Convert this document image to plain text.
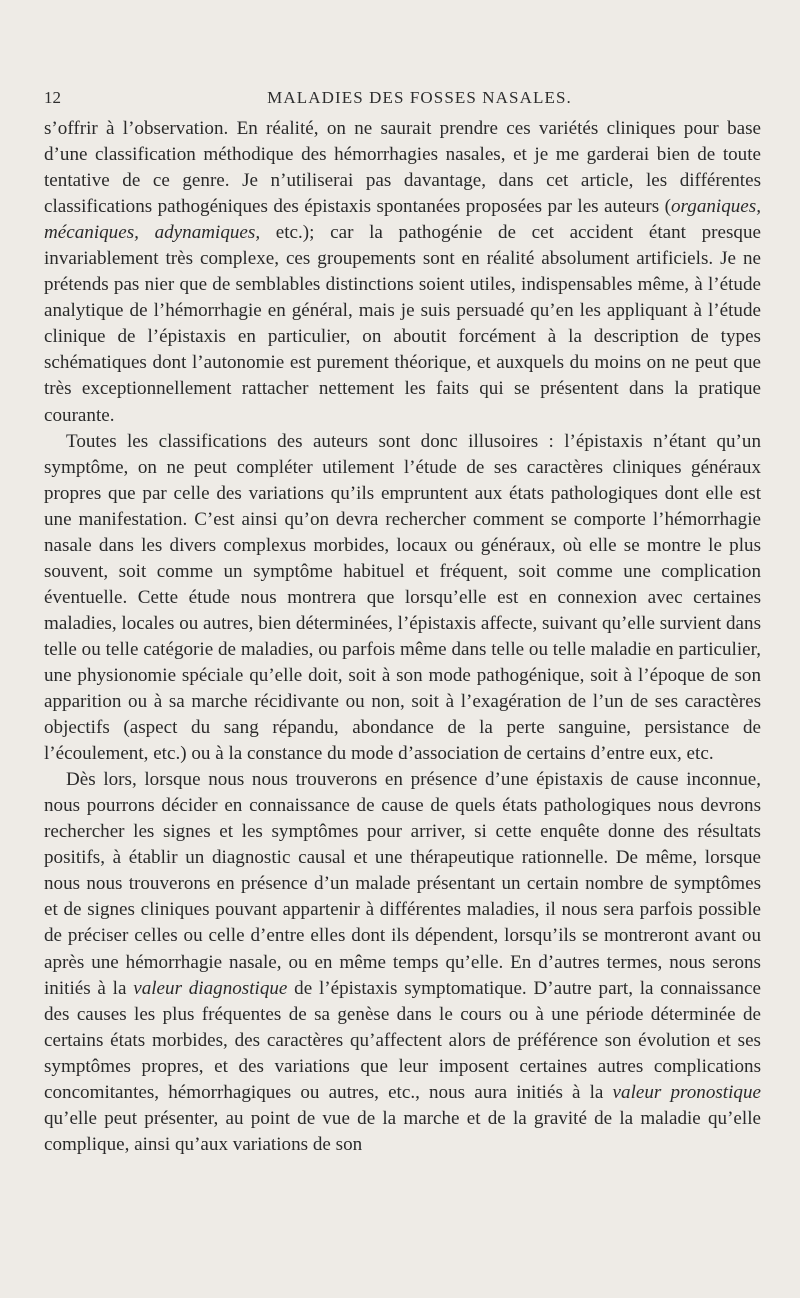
12	MALADIES DES FOSSES NASALES.

s’offrir à l’observation. En réalité, on ne saurait prendre ces variétés cliniques pour base d’une classification méthodique des hémorrhagies nasales, et je me garderai bien de toute tentative de ce genre. Je n’utiliserai pas davantage, dans cet article, les différentes classifications pathogéniques des épistaxis spontanées proposées par les auteurs (organiques, mécaniques, adynamiques, etc.); car la pathogénie de cet accident étant presque invariablement très complexe, ces groupements sont en réalité absolument artificiels. Je ne prétends pas nier que de semblables distinctions soient utiles, indispensables même, à l’étude analytique de l’hémorrhagie en général, mais je suis persuadé qu’en les appliquant à l’étude clinique de l’épistaxis en particulier, on aboutit forcément à la description de types schématiques dont l’autonomie est purement théorique, et auxquels du moins on ne peut que très exceptionnellement rattacher nettement les faits qui se présentent dans la pratique courante.

Toutes les classifications des auteurs sont donc illusoires : l’épistaxis n’étant qu’un symptôme, on ne peut compléter utilement l’étude de ses caractères cliniques généraux propres que par celle des variations qu’ils empruntent aux états pathologiques dont elle est une manifestation. C’est ainsi qu’on devra rechercher comment se comporte l’hémorrhagie nasale dans les divers complexus morbides, locaux ou généraux, où elle se montre le plus souvent, soit comme un symptôme habituel et fréquent, soit comme une complication éventuelle. Cette étude nous montrera que lorsqu’elle est en connexion avec certaines maladies, locales ou autres, bien déterminées, l’épistaxis affecte, suivant qu’elle survient dans telle ou telle catégorie de maladies, ou parfois même dans telle ou telle maladie en particulier, une physionomie spéciale qu’elle doit, soit à son mode pathogénique, soit à l’époque de son apparition ou à sa marche récidivante ou non, soit à l’exagération de l’un de ses caractères objectifs (aspect du sang répandu, abondance de la perte sanguine, persistance de l’écoulement, etc.) ou à la constance du mode d’association de certains d’entre eux, etc.

Dès lors, lorsque nous nous trouverons en présence d’une épistaxis de cause inconnue, nous pourrons décider en connaissance de cause de quels états pathologiques nous devrons rechercher les signes et les symptômes pour arriver, si cette enquête donne des résultats positifs, à établir un diagnostic causal et une thérapeutique rationnelle. De même, lorsque nous nous trouverons en présence d’un malade présentant un certain nombre de symptômes et de signes cliniques pouvant appartenir à différentes maladies, il nous sera parfois possible de préciser celles ou celle d’entre elles dont ils dépendent, lorsqu’ils se montreront avant ou après une hémorrhagie nasale, ou en même temps qu’elle. En d’autres termes, nous serons initiés à la valeur diagnostique de l’épistaxis symptomatique. D’autre part, la connaissance des causes les plus fréquentes de sa genèse dans le cours ou à une période déterminée de certains états morbides, des caractères qu’affectent alors de préférence son évolution et ses symptômes propres, et des variations que leur imposent certaines autres complications concomitantes, hémorrhagiques ou autres, etc., nous aura initiés à la valeur pronostique qu’elle peut présenter, au point de vue de la marche et de la gravité de la maladie qu’elle complique, ainsi qu’aux variations de son
